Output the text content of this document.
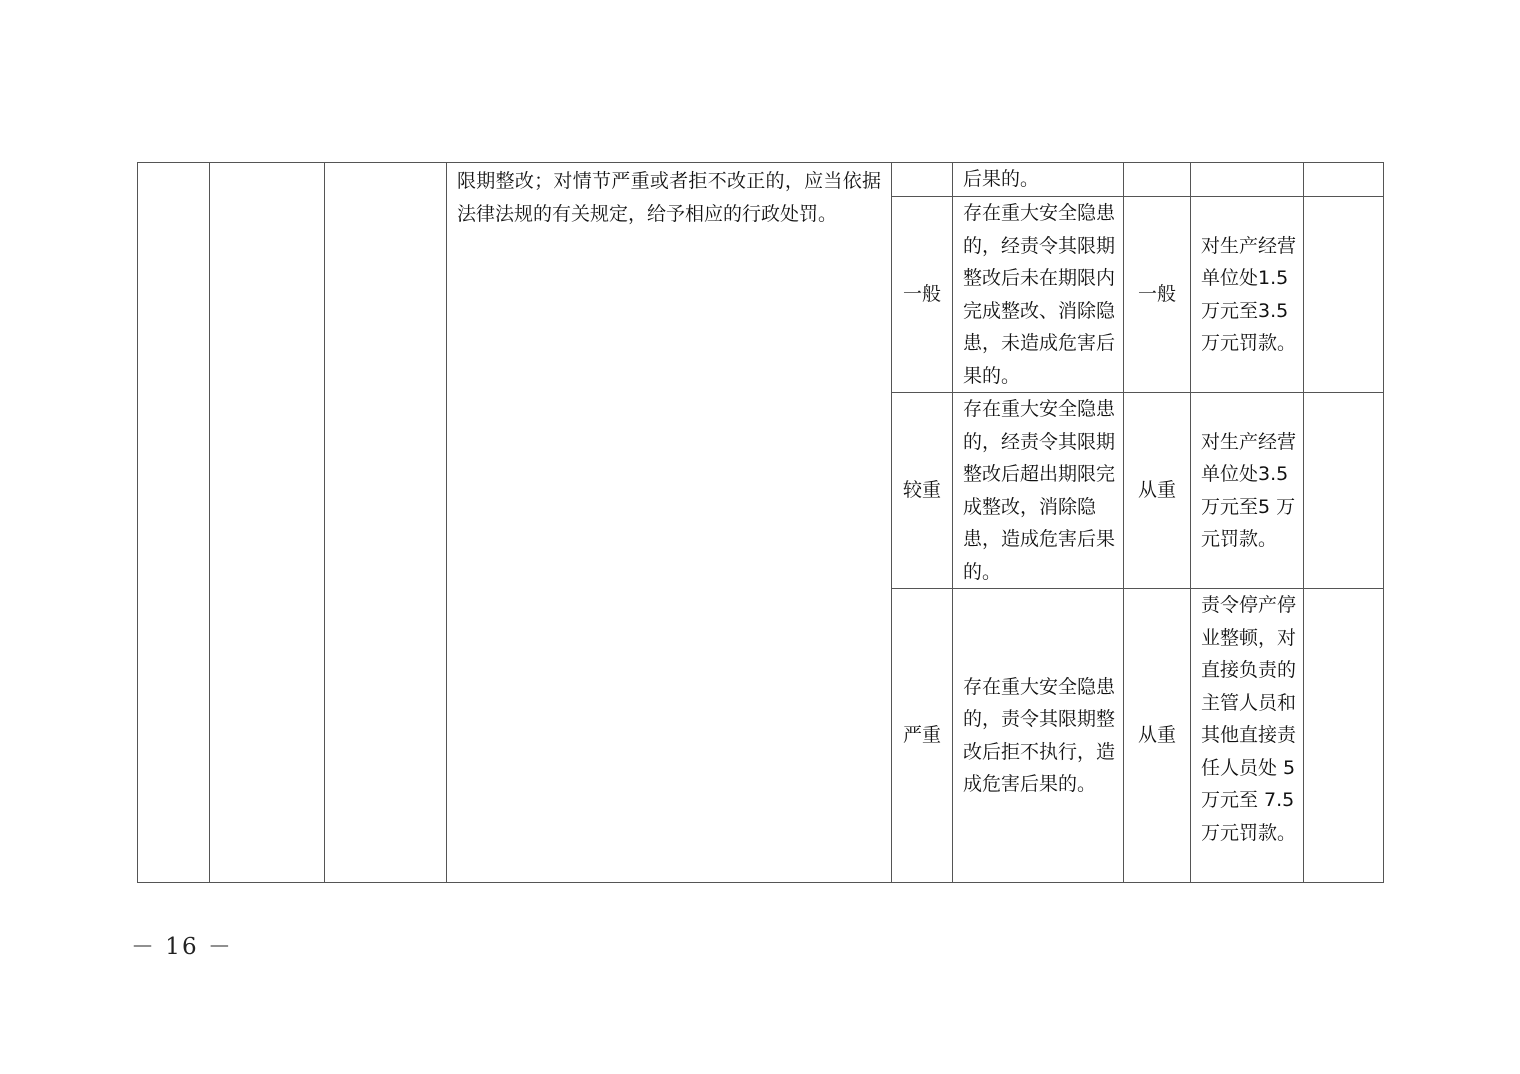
			限期整改；对情节严重或者拒不改正的，应当依据法律法规的有关规定，给予相应的行政处罚。		后果的。			
				一般	存在重大安全隐患的，经责令其限期整改后未在期限内完成整改、消除隐患，未造成危害后果的。	一般	对生产经营单位处1.5 万元至3.5 万元罚款。	
				较重	存在重大安全隐患的，经责令其限期整改后超出期限完成整改，消除隐患，造成危害后果的。	从重	对生产经营单位处3.5 万元至5 万元罚款。	
				严重	存在重大安全隐患的，责令其限期整改后拒不执行，造成危害后果的。	从重	责令停产停业整顿，对直接负责的主管人员和其他直接责任人员处 5万元至 7.5万元罚款。	
－ 16 －
